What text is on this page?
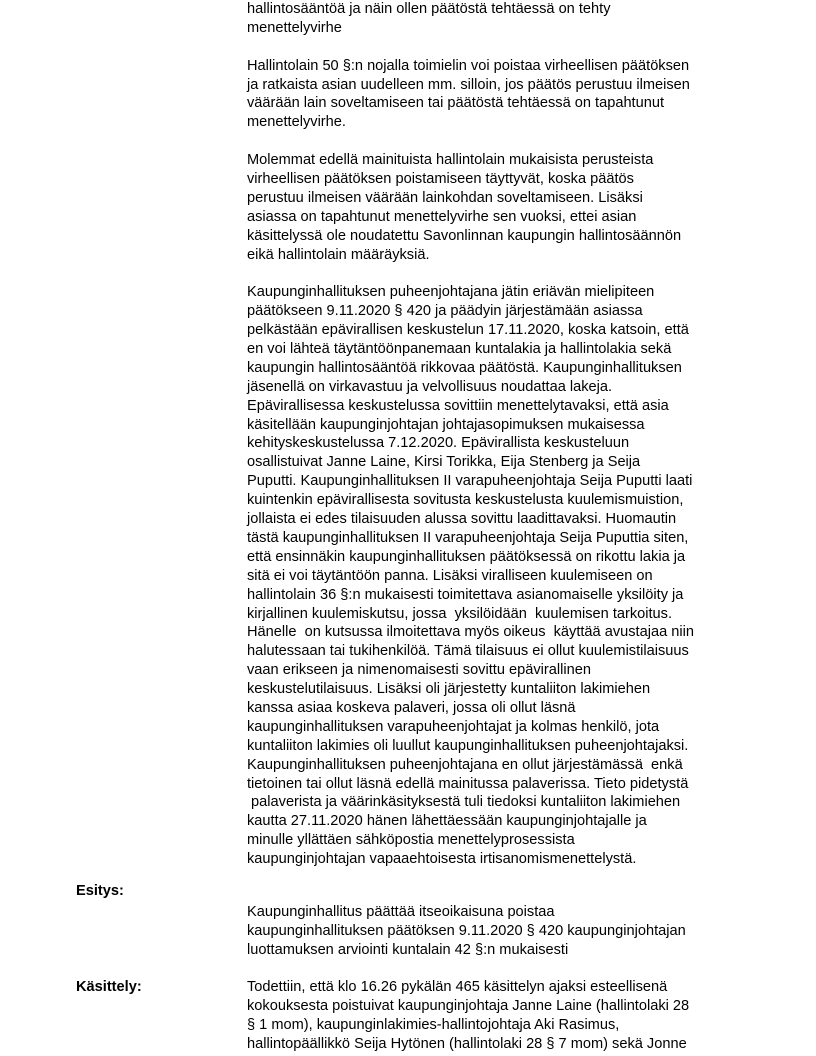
hallintosääntöä ja näin ollen päätöstä tehtäessä on tehty
menettelyvirhe
Hallintolain 50 §:n nojalla toimielin voi poistaa virheellisen päätöksen
ja ratkaista asian uudelleen mm. silloin, jos päätös perustuu ilmeisen
väärään lain soveltamiseen tai päätöstä tehtäessä on tapahtunut
menettelyvirhe.
Molemmat edellä mainituista hallintolain mukaisista perusteista
virheellisen päätöksen poistamiseen täyttyvät, koska päätös
perustuu ilmeisen väärään lainkohdan soveltamiseen. Lisäksi
asiassa on tapahtunut menettelyvirhe sen vuoksi, ettei asian
käsittelyssä ole noudatettu Savonlinnan kaupungin hallintosäännön
eikä hallintolain määräyksiä.
Kaupunginhallituksen puheenjohtajana jätin eriävän mielipiteen
päätökseen 9.11.2020 § 420 ja päädyin järjestämään asiassa
pelkästään epävirallisen keskustelun 17.11.2020, koska katsoin, että
en voi lähteä täytäntöönpanemaan kuntalakia ja hallintolakia sekä
kaupungin hallintosääntöä rikkovaa päätöstä. Kaupunginhallituksen
jäsenellä on virkavastuu ja velvollisuus noudattaa lakeja.
Epävirallisessa keskustelussa sovittiin menettelytavaksi, että asia
käsitellään kaupunginjohtajan johtajasopimuksen mukaisessa
kehityskeskustelussa 7.12.2020. Epävirallista keskusteluun
osallistuivat Janne Laine, Kirsi Torikka, Eija Stenberg ja Seija
Puputti. Kaupunginhallituksen II varapuheenjohtaja Seija Puputti laati
kuintenkin epävirallisesta sovitusta keskustelusta kuulemismuistion,
jollaista ei edes tilaisuuden alussa sovittu laadittavaksi. Huomautin
tästä kaupunginhallituksen II varapuheenjohtaja Seija Puputtia siten,
että ensinnäkin kaupunginhallituksen päätöksessä on rikottu lakia ja
sitä ei voi täytäntöön panna. Lisäksi viralliseen kuulemiseen on
hallintolain 36 §:n mukaisesti toimitettava asianomaiselle yksilöity ja
kirjallinen kuulemiskutsu, jossa  yksilöidään  kuulemisen tarkoitus.
Hänelle  on kutsussa ilmoitettava myös oikeus  käyttää avustajaa niin
halutessaan tai tukihenkilöä. Tämä tilaisuus ei ollut kuulemistilaisuus
vaan erikseen ja nimenomaisesti sovittu epävirallinen
keskustelutilaisuus. Lisäksi oli järjestetty kuntaliiton lakimiehen
kanssa asiaa koskeva palaveri, jossa oli ollut läsnä
kaupunginhallituksen varapuheenjohtajat ja kolmas henkilö, jota
kuntaliiton lakimies oli luullut kaupunginhallituksen puheenjohtajaksi.
Kaupunginhallituksen puheenjohtajana en ollut järjestämässä  enkä
tietoinen tai ollut läsnä edellä mainitussa palaverissa. Tieto pidetystä
palaverista ja väärinkäsityksestä tuli tiedoksi kuntaliiton lakimiehen
kautta 27.11.2020 hänen lähettäessään kaupunginjohtajalle ja
minulle yllättäen sähköpostia menettelyprosessista
kaupunginjohtajan vapaaehtoisesta irtisanomismenettelystä.
Esitys:
Kaupunginhallitus päättää itseoikaisuna poistaa
kaupunginhallituksen päätöksen 9.11.2020 § 420 kaupunginjohtajan
luottamuksen arviointi kuntalain 42 §:n mukaisesti
Käsittely:	Todettiin, että klo 16.26 pykälän 465 käsittelyn ajaksi esteellisenä
kokouksesta poistuivat kaupunginjohtaja Janne Laine (hallintolaki 28
§ 1 mom), kaupunginlakimies-hallintojohtaja Aki Rasimus,
hallintopäällikkö Seija Hytönen (hallintolaki 28 § 7 mom) sekä Jonne
